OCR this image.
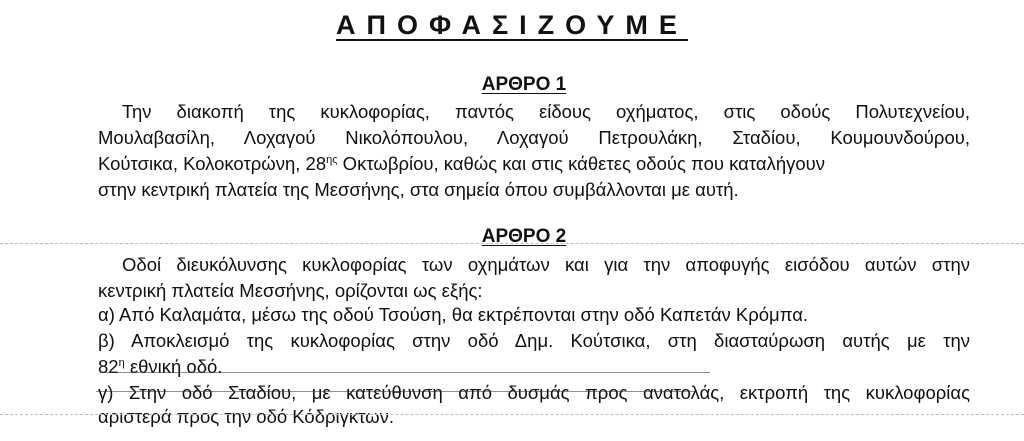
ΑΠΟΦΑΣΙΖΟΥΜΕ
ΑΡΘΡΟ 1
Την διακοπή της κυκλοφορίας, παντός είδους οχήματος, στις οδούς Πολυτεχνείου,
Μουλαβασίλη, Λοχαγού Νικολόπουλου, Λοχαγού Πετρουλάκη, Σταδίου, Κουμουνδούρου,
Κούτσικα, Κολοκοτρώνη, $28^{\eta\varsigma}$ Οκτωβρίου, καθώς και στις κάθετες οδούς που καταλήγουν
στην κεντρική πλατεία της Μεσσήνης, στα σημεία όπου συμβάλλονται με αυτή.
ΑΡΘΡΟ 2
Οδοί διευκόλυνσης κυκλοφορίας των οχημάτων και για την αποφυγής εισόδου αυτών στην
κεντρική πλατεία Μεσσήνης, ορίζονται ως εξής:
α) Από Καλαμάτα, μέσω της οδού Τσούση, θα εκτρέπονται στην οδό Καπετάν Κρόμπα.
β) Αποκλεισμό της κυκλοφορίας στην οδό Δημ. Κούτσικα, στη διασταύρωση αυτής με την
$82^\eta$ εθνική οδό.
γ) Στην οδό Σταδίου, με κατεύθυνση από δυσμάς προς ανατολάς, εκτροπή της κυκλοφορίας
αριστερά προς την οδό Κόδριγκτων.
